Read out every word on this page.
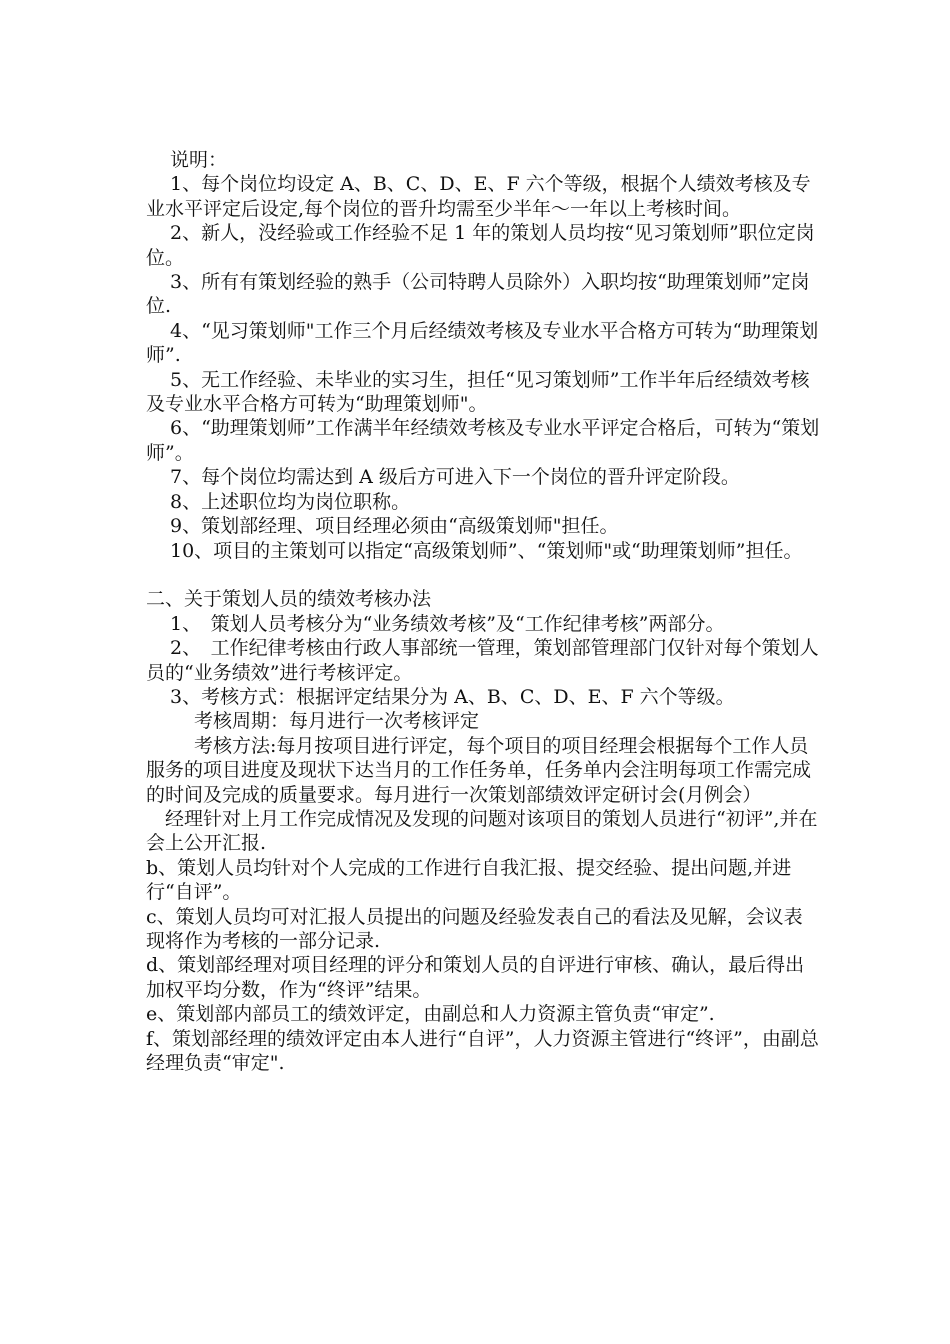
说明：

1、每个岗位均设定 A、B、C、D、E、F 六个等级，根据个人绩效考核及专业水平评定后设定,每个岗位的晋升均需至少半年～一年以上考核时间。

2、新人，没经验或工作经验不足 1 年的策划人员均按“见习策划师”职位定岗位。

3、所有有策划经验的熟手（公司特聘人员除外）入职均按“助理策划师”定岗位.

4、“见习策划师"工作三个月后经绩效考核及专业水平合格方可转为“助理策划师”.

5、无工作经验、未毕业的实习生，担任“见习策划师”工作半年后经绩效考核及专业水平合格方可转为“助理策划师"。

6、“助理策划师”工作满半年经绩效考核及专业水平评定合格后，可转为“策划师”。

7、每个岗位均需达到 A 级后方可进入下一个岗位的晋升评定阶段。

8、上述职位均为岗位职称。

9、策划部经理、项目经理必须由“高级策划师"担任。

10、项目的主策划可以指定“高级策划师”、“策划师"或“助理策划师”担任。

二、关于策划人员的绩效考核办法

1、　策划人员考核分为“业务绩效考核”及“工作纪律考核”两部分。

2、　工作纪律考核由行政人事部统一管理，策划部管理部门仅针对每个策划人员的“业务绩效”进行考核评定。

3、考核方式：根据评定结果分为 A、B、C、D、E、F 六个等级。

考核周期：每月进行一次考核评定

考核方法:每月按项目进行评定，每个项目的项目经理会根据每个工作人员服务的项目进度及现状下达当月的工作任务单，任务单内会注明每项工作需完成的时间及完成的质量要求。每月进行一次策划部绩效评定研讨会(月例会）

经理针对上月工作完成情况及发现的问题对该项目的策划人员进行“初评”,并在会上公开汇报.

b、策划人员均针对个人完成的工作进行自我汇报、提交经验、提出问题,并进行“自评”。

c、策划人员均可对汇报人员提出的问题及经验发表自己的看法及见解，会议表现将作为考核的一部分记录.

d、策划部经理对项目经理的评分和策划人员的自评进行审核、确认，最后得出加权平均分数，作为“终评”结果。

e、策划部内部员工的绩效评定，由副总和人力资源主管负责“审定”.

f、策划部经理的绩效评定由本人进行“自评”，人力资源主管进行“终评”，由副总经理负责“审定".
